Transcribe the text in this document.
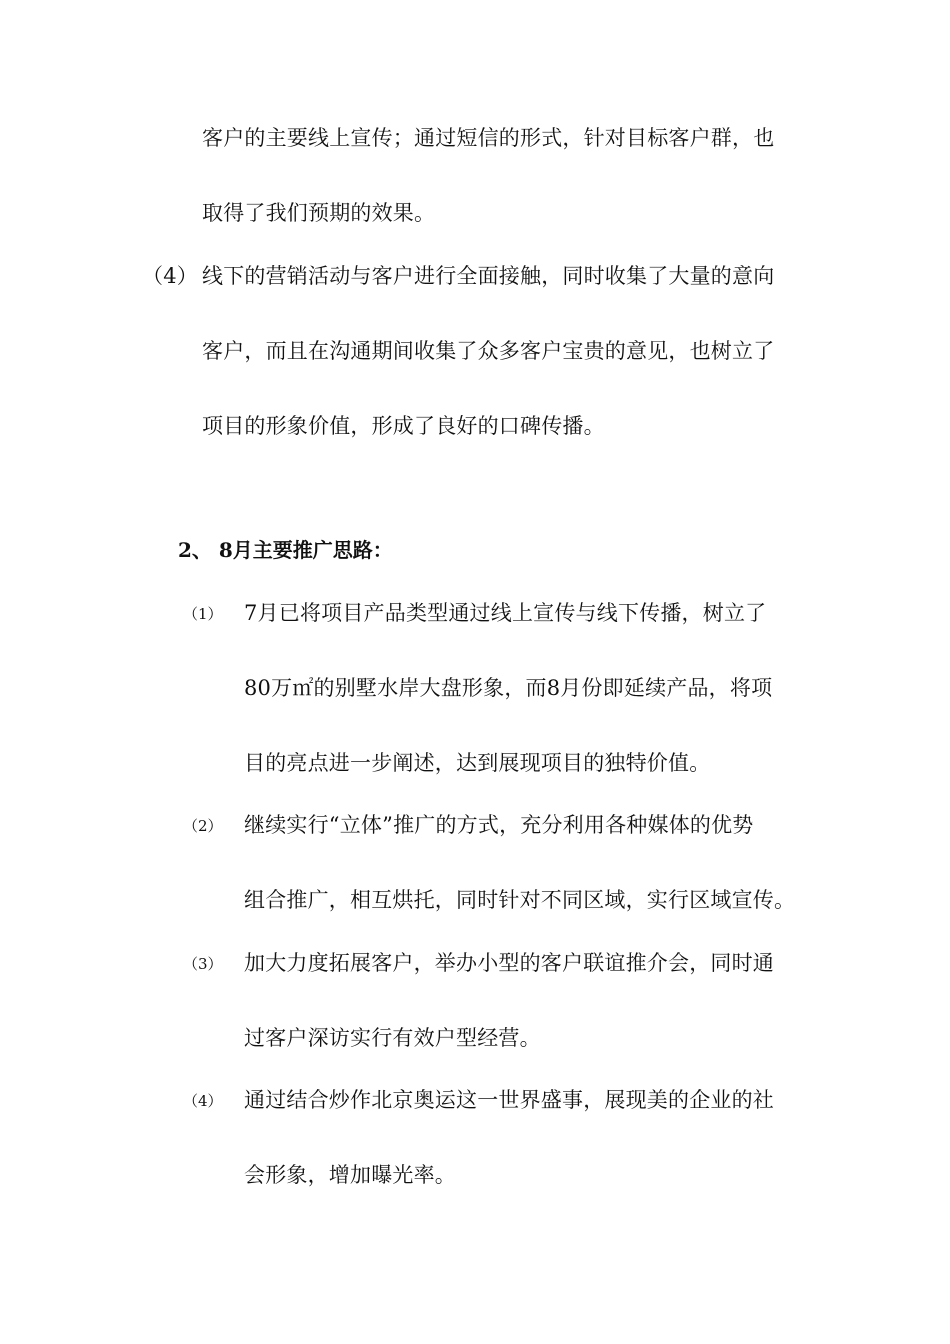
客户的主要线上宣传；通过短信的形式，针对目标客户群，也
取得了我们预期的效果。
（4） 线下的营销活动与客户进行全面接触，同时收集了大量的意向
客户，而且在沟通期间收集了众多客户宝贵的意见，也树立了
项目的形象价值，形成了良好的口碑传播。
2、 8月主要推广思路：
（1） 7月已将项目产品类型通过线上宣传与线下传播，树立了
80万㎡的别墅水岸大盘形象，而8月份即延续产品，将项
目的亮点进一步阐述，达到展现项目的独特价值。
（2） 继续实行“立体”推广的方式，充分利用各种媒体的优势
组合推广，相互烘托，同时针对不同区域，实行区域宣传。
（3） 加大力度拓展客户，举办小型的客户联谊推介会，同时通
过客户深访实行有效户型经营。
（4） 通过结合炒作北京奥运这一世界盛事，展现美的企业的社
会形象，增加曝光率。
